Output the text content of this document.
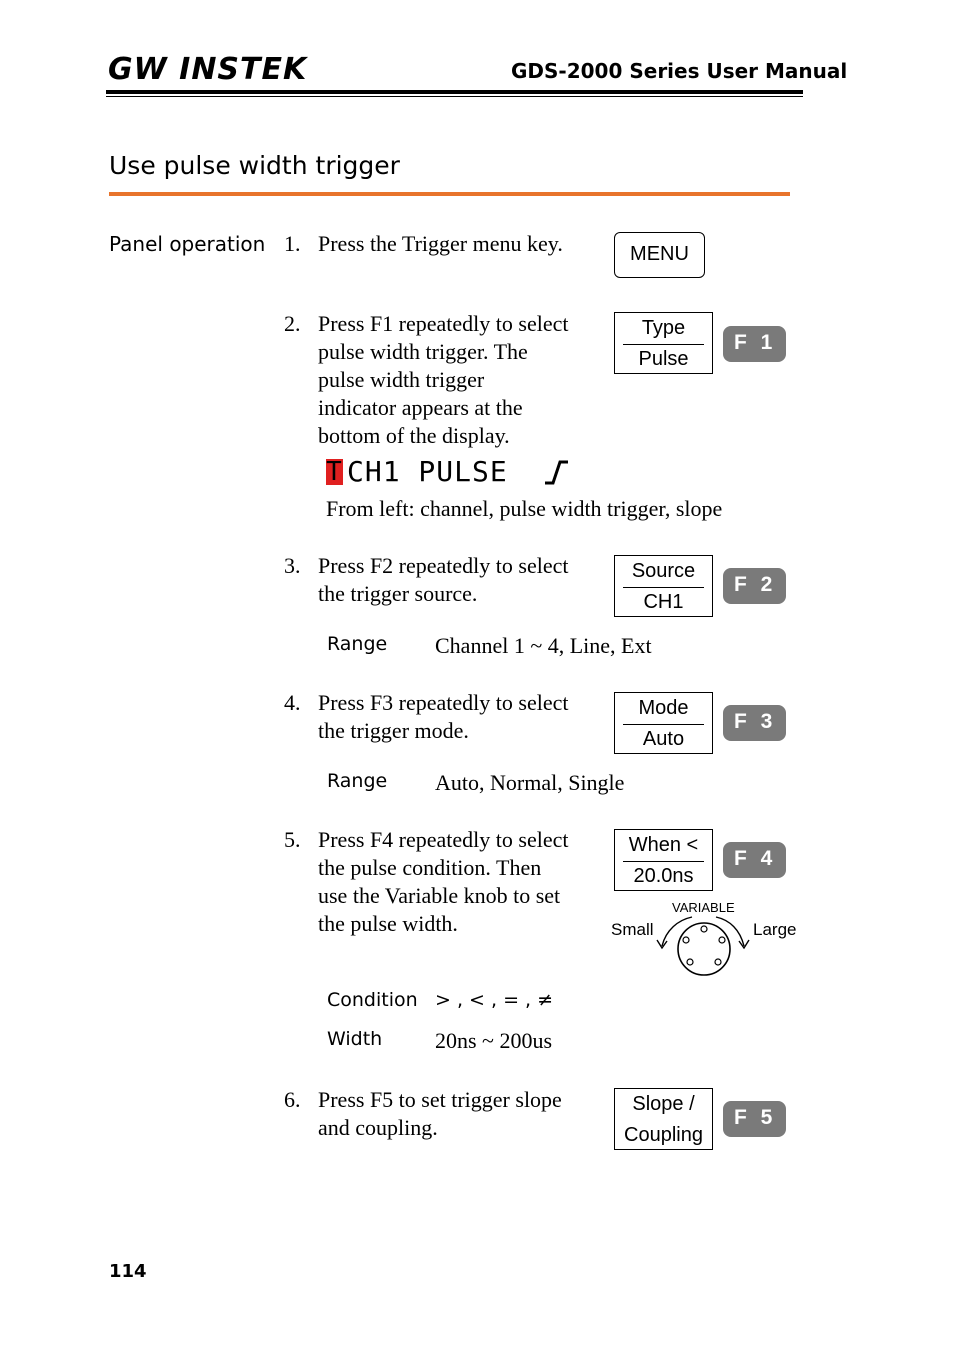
GW INSTEK	GDS-2000 Series User Manual
Use pulse width trigger
Panel operation 1. Press the Trigger menu key.	MENU
2. Press F1 repeatedly to select
pulse width trigger. The
pulse width trigger
indicator appears at the
bottom of the display.
Type
Pulse
F 1
T CH1 PULSE
From left: channel, pulse width trigger, slope
3. Press F2 repeatedly to select
the trigger source.
Source
CH1
F 2
Range Channel 1 ~ 4, Line, Ext
4. Press F3 repeatedly to select
the trigger mode.
Mode
Auto
F 3
Range Auto, Normal, Single
5. Press F4 repeatedly to select
the pulse condition. Then
use the Variable knob to set
the pulse width.
When <
20.0ns
F 4
VARIABLE
Small	Large
Condition > , < , = , ≠
Width 20ns ~ 200us
6. Press F5 to set trigger slope
and coupling.
Slope /
Coupling
F 5
114
